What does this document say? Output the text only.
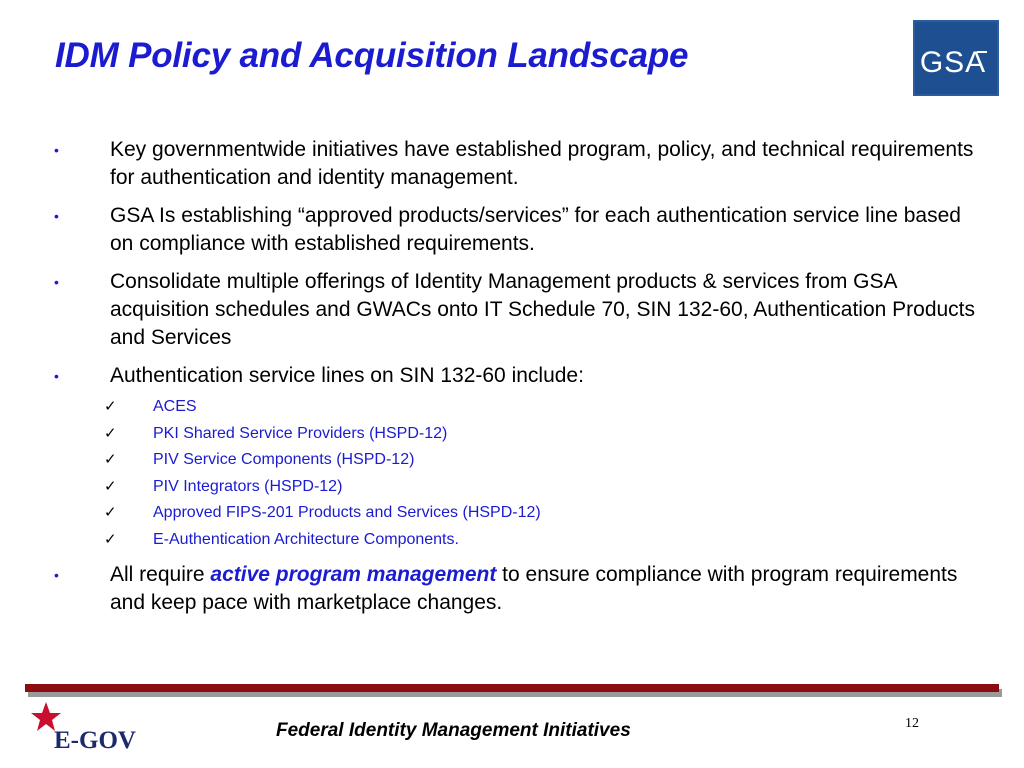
IDM Policy and Acquisition Landscape	GSA

• Key governmentwide initiatives have established program, policy, and technical requirements for authentication and identity management.

• GSA Is establishing “approved products/services” for each authentication service line based on compliance with established requirements.

• Consolidate multiple offerings of Identity Management products & services from GSA acquisition schedules and GWACs onto IT Schedule 70, SIN 132-60, Authentication Products and Services

• Authentication service lines on SIN 132-60 include:

✓ ACES
✓ PKI Shared Service Providers (HSPD-12)
✓ PIV Service Components (HSPD-12)
✓ PIV Integrators (HSPD-12)
✓ Approved FIPS-201 Products and Services (HSPD-12)
✓ E-Authentication Architecture Components.

• All require active program management to ensure compliance with program requirements and keep pace with marketplace changes.

E-GOV	Federal Identity Management Initiatives	12
